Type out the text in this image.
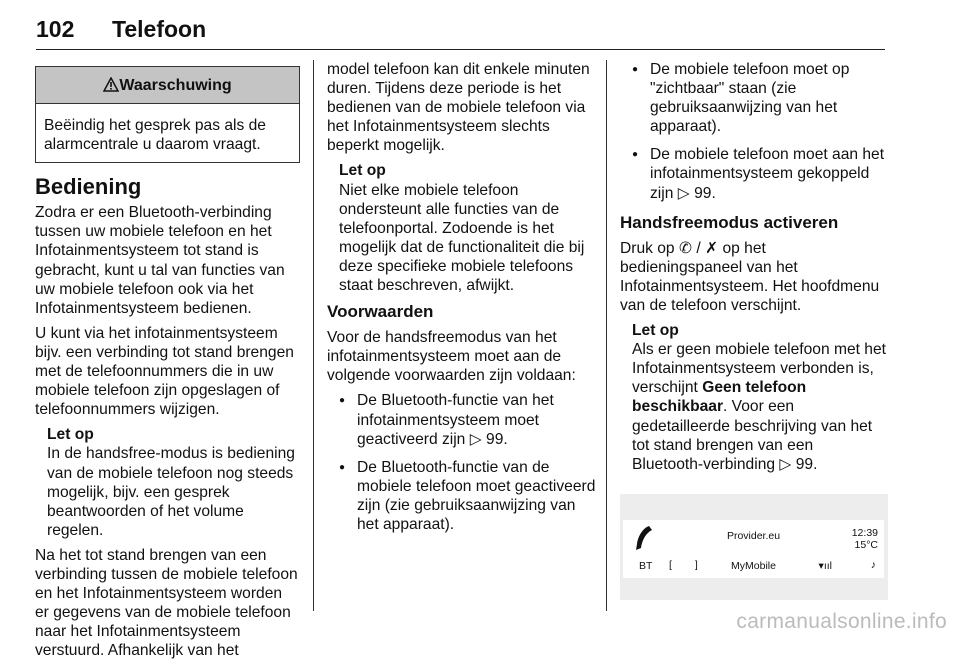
102 Telefoon
Waarschuwing
Beëindig het gesprek pas als de alarmcentrale u daarom vraagt.
Bediening

Zodra er een Bluetooth-verbinding tussen uw mobiele telefoon en het Infotainmentsysteem tot stand is gebracht, kunt u tal van functies van uw mobiele telefoon ook via het Infotainmentsysteem bedienen.

U kunt via het infotainmentsysteem bijv. een verbinding tot stand brengen met de telefoonnummers die in uw mobiele telefoon zijn opgeslagen of telefoonnummers wijzigen.

Let op
In de handsfree-modus is bediening van de mobiele telefoon nog steeds mogelijk, bijv. een gesprek beantwoorden of het volume regelen.

Na het tot stand brengen van een verbinding tussen de mobiele telefoon en het Infotainmentsysteem worden er gegevens van de mobiele telefoon naar het Infotainmentsysteem verstuurd. Afhankelijk van het

model telefoon kan dit enkele minuten duren. Tijdens deze periode is het bedienen van de mobiele telefoon via het Infotainmentsysteem slechts beperkt mogelijk.

Let op
Niet elke mobiele telefoon ondersteunt alle functies van de telefoonportal. Zodoende is het mogelijk dat de functionaliteit die bij deze specifieke mobiele telefoons staat beschreven, afwijkt.
Voorwaarden

Voor de handsfreemodus van het infotainmentsysteem moet aan de volgende voorwaarden zijn voldaan:

● De Bluetooth-functie van het infotainmentsysteem moet geactiveerd zijn ▷ 99.
● De Bluetooth-functie van de mobiele telefoon moet geactiveerd zijn (zie gebruiksaanwijzing van het apparaat).
● De mobiele telefoon moet op "zichtbaar" staan (zie gebruiksaanwijzing van het apparaat).
● De mobiele telefoon moet aan het infotainmentsysteem gekoppeld zijn ▷ 99.
Handsfreemodus activeren

Druk op ✆ / ✗ op het bedieningspaneel van het Infotainmentsysteem. Het hoofdmenu van de telefoon verschijnt.

Let op
Als er geen mobiele telefoon met het Infotainmentsysteem verbonden is, verschijnt Geen telefoon beschikbaar. Voor een gedetailleerde beschrijving van het tot stand brengen van een Bluetooth-verbinding ▷ 99.
Provider.eu	12:39
15°C
BT [ ]	MyMobile	▾ııl	♪
carmanualsonline.info
